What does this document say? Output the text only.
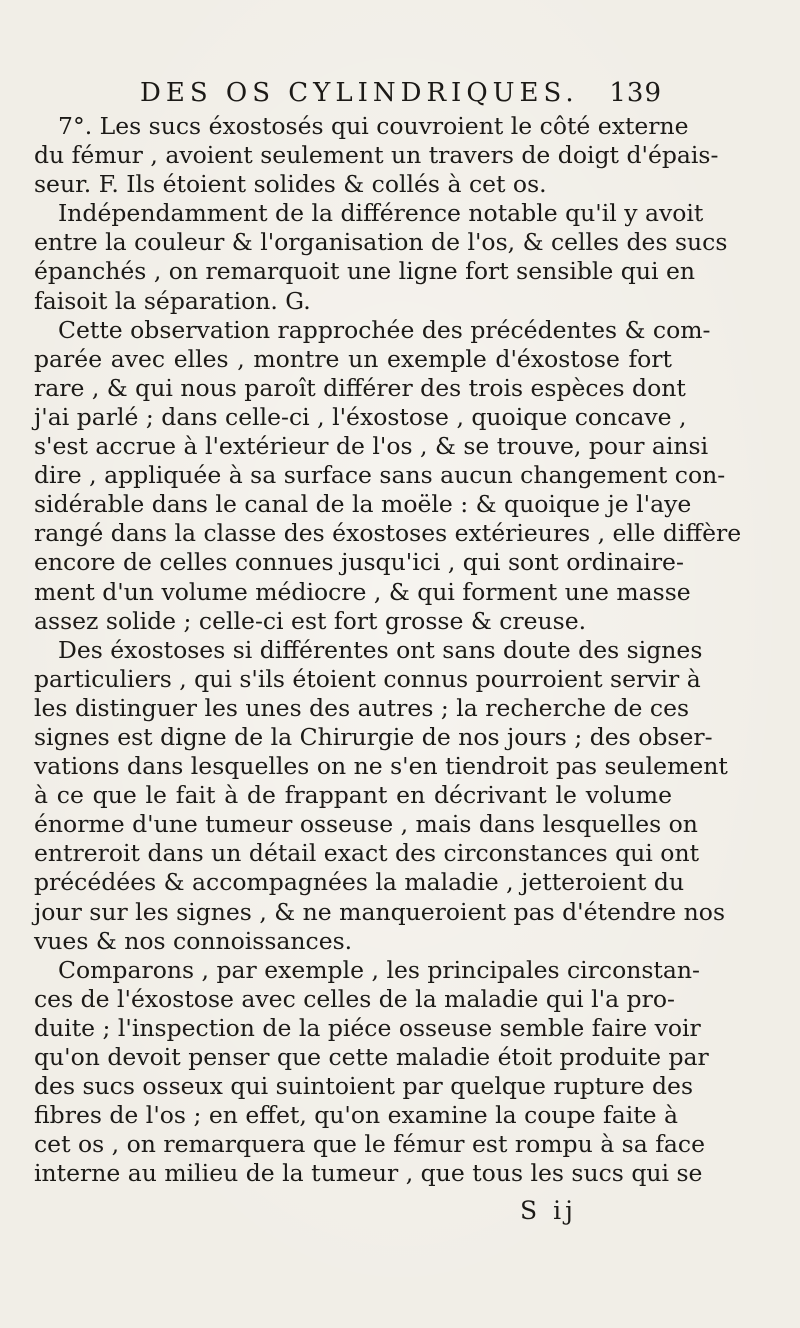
DES OS CYLINDRIQUES. 139
7°. Les sucs éxostosés qui couvroient le côté externe
du fémur , avoient seulement un travers de doigt d'épais-
seur. F. Ils étoient solides & collés à cet os.
Indépendamment de la différence notable qu'il y avoit
entre la couleur & l'organisation de l'os, & celles des sucs
épanchés , on remarquoit une ligne fort sensible qui en
faisoit la séparation. G.
Cette observation rapprochée des précédentes & com-
parée avec elles , montre un exemple d'éxostose fort
rare , & qui nous paroît différer des trois espèces dont
j'ai parlé ; dans celle-ci , l'éxostose , quoique concave ,
s'est accrue à l'extérieur de l'os , & se trouve, pour ainsi
dire , appliquée à sa surface sans aucun changement con-
sidérable dans le canal de la moële : & quoique je l'aye
rangé dans la classe des éxostoses extérieures , elle diffère
encore de celles connues jusqu'ici , qui sont ordinaire-
ment d'un volume médiocre , & qui forment une masse
assez solide ; celle-ci est fort grosse & creuse.
Des éxostoses si différentes ont sans doute des signes
particuliers , qui s'ils étoient connus pourroient servir à
les distinguer les unes des autres ; la recherche de ces
signes est digne de la Chirurgie de nos jours ; des obser-
vations dans lesquelles on ne s'en tiendroit pas seulement
à ce que le fait à de frappant en décrivant le volume
énorme d'une tumeur osseuse , mais dans lesquelles on
entreroit dans un détail exact des circonstances qui ont
précédées & accompagnées la maladie , jetteroient du
jour sur les signes , & ne manqueroient pas d'étendre nos
vues & nos connoissances.
Comparons , par exemple , les principales circonstan-
ces de l'éxostose avec celles de la maladie qui l'a pro-
duite ; l'inspection de la piéce osseuse semble faire voir
qu'on devoit penser que cette maladie étoit produite par
des sucs osseux qui suintoient par quelque rupture des
fibres de l'os ; en effet, qu'on examine la coupe faite à
cet os , on remarquera que le fémur est rompu à sa face
interne au milieu de la tumeur , que tous les sucs qui se
S ij
